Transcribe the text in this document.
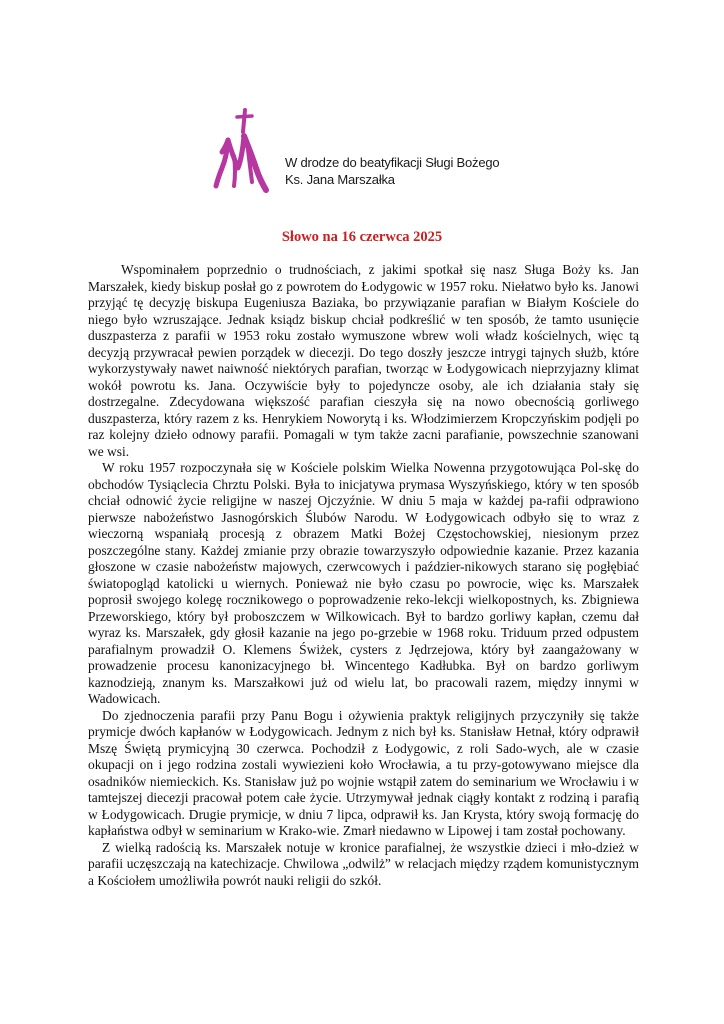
W drodze do beatyfikacji Sługi Bożego
Ks. Jana Marszałka
Słowo na 16 czerwca 2025

Wspominałem poprzednio o trudnościach, z jakimi spotkał się nasz Sługa Boży ks. Jan Marszałek, kiedy biskup posłał go z powrotem do Łodygowic w 1957 roku. Niełatwo było ks. Janowi przyjąć tę decyzję biskupa Eugeniusza Baziaka, bo przywiązanie parafian w Białym Kościele do niego było wzruszające. Jednak ksiądz biskup chciał podkreślić w ten sposób, że tamto usunięcie duszpasterza z parafii w 1953 roku zostało wymuszone wbrew woli władz kościelnych, więc tą decyzją przywracał pewien porządek w diecezji. Do tego doszły jeszcze intrygi tajnych służb, które wykorzystywały nawet naiwność niektórych parafian, tworząc w Łodygowicach nieprzyjazny klimat wokół powrotu ks. Jana. Oczywiście były to pojedyncze osoby, ale ich działania stały się dostrzegalne. Zdecydowana większość parafian cieszyła się na nowo obecnością gorliwego duszpasterza, który razem z ks. Henrykiem Noworytą i ks. Włodzimierzem Kropczyńskim podjęli po raz kolejny dzieło odnowy parafii. Pomagali w tym także zacni parafianie, powszechnie szanowani we wsi.

W roku 1957 rozpoczynała się w Kościele polskim Wielka Nowenna przygotowująca Pol-skę do obchodów Tysiąclecia Chrztu Polski. Była to inicjatywa prymasa Wyszyńskiego, który w ten sposób chciał odnowić życie religijne w naszej Ojczyźnie. W dniu 5 maja w każdej pa-rafii odprawiono pierwsze nabożeństwo Jasnogórskich Ślubów Narodu. W Łodygowicach odbyło się to wraz z wieczorną wspaniałą procesją z obrazem Matki Bożej Częstochowskiej, niesionym przez poszczególne stany. Każdej zmianie przy obrazie towarzyszyło odpowiednie kazanie. Przez kazania głoszone w czasie nabożeństw majowych, czerwcowych i paździer-nikowych starano się pogłębiać światopogląd katolicki u wiernych. Ponieważ nie było czasu po powrocie, więc ks. Marszałek poprosił swojego kolegę rocznikowego o poprowadzenie reko-lekcji wielkopostnych, ks. Zbigniewa Przeworskiego, który był proboszczem w Wilkowicach. Był to bardzo gorliwy kapłan, czemu dał wyraz ks. Marszałek, gdy głosił kazanie na jego po-grzebie w 1968 roku. Triduum przed odpustem parafialnym prowadził O. Klemens Świżek, cysters z Jędrzejowa, który był zaangażowany w prowadzenie procesu kanonizacyjnego bł. Wincentego Kadłubka. Był on bardzo gorliwym kaznodzieją, znanym ks. Marszałkowi już od wielu lat, bo pracowali razem, między innymi w Wadowicach.

Do zjednoczenia parafii przy Panu Bogu i ożywienia praktyk religijnych przyczyniły się także prymicje dwóch kapłanów w Łodygowicach. Jednym z nich był ks. Stanisław Hetnał, który odprawił Mszę Świętą prymicyjną 30 czerwca. Pochodził z Łodygowic, z roli Sado-wych, ale w czasie okupacji on i jego rodzina zostali wywiezieni koło Wrocławia, a tu przy-gotowywano miejsce dla osadników niemieckich. Ks. Stanisław już po wojnie wstąpił zatem do seminarium we Wrocławiu i w tamtejszej diecezji pracował potem całe życie. Utrzymywał jednak ciągły kontakt z rodziną i parafią w Łodygowicach. Drugie prymicje, w dniu 7 lipca, odprawił ks. Jan Krysta, który swoją formację do kapłaństwa odbył w seminarium w Krako-wie. Zmarł niedawno w Lipowej i tam został pochowany.

Z wielką radością ks. Marszałek notuje w kronice parafialnej, że wszystkie dzieci i mło-dzież w parafii uczęszczają na katechizacje. Chwilowa „odwilż” w relacjach między rządem komunistycznym a Kościołem umożliwiła powrót nauki religii do szkół.
